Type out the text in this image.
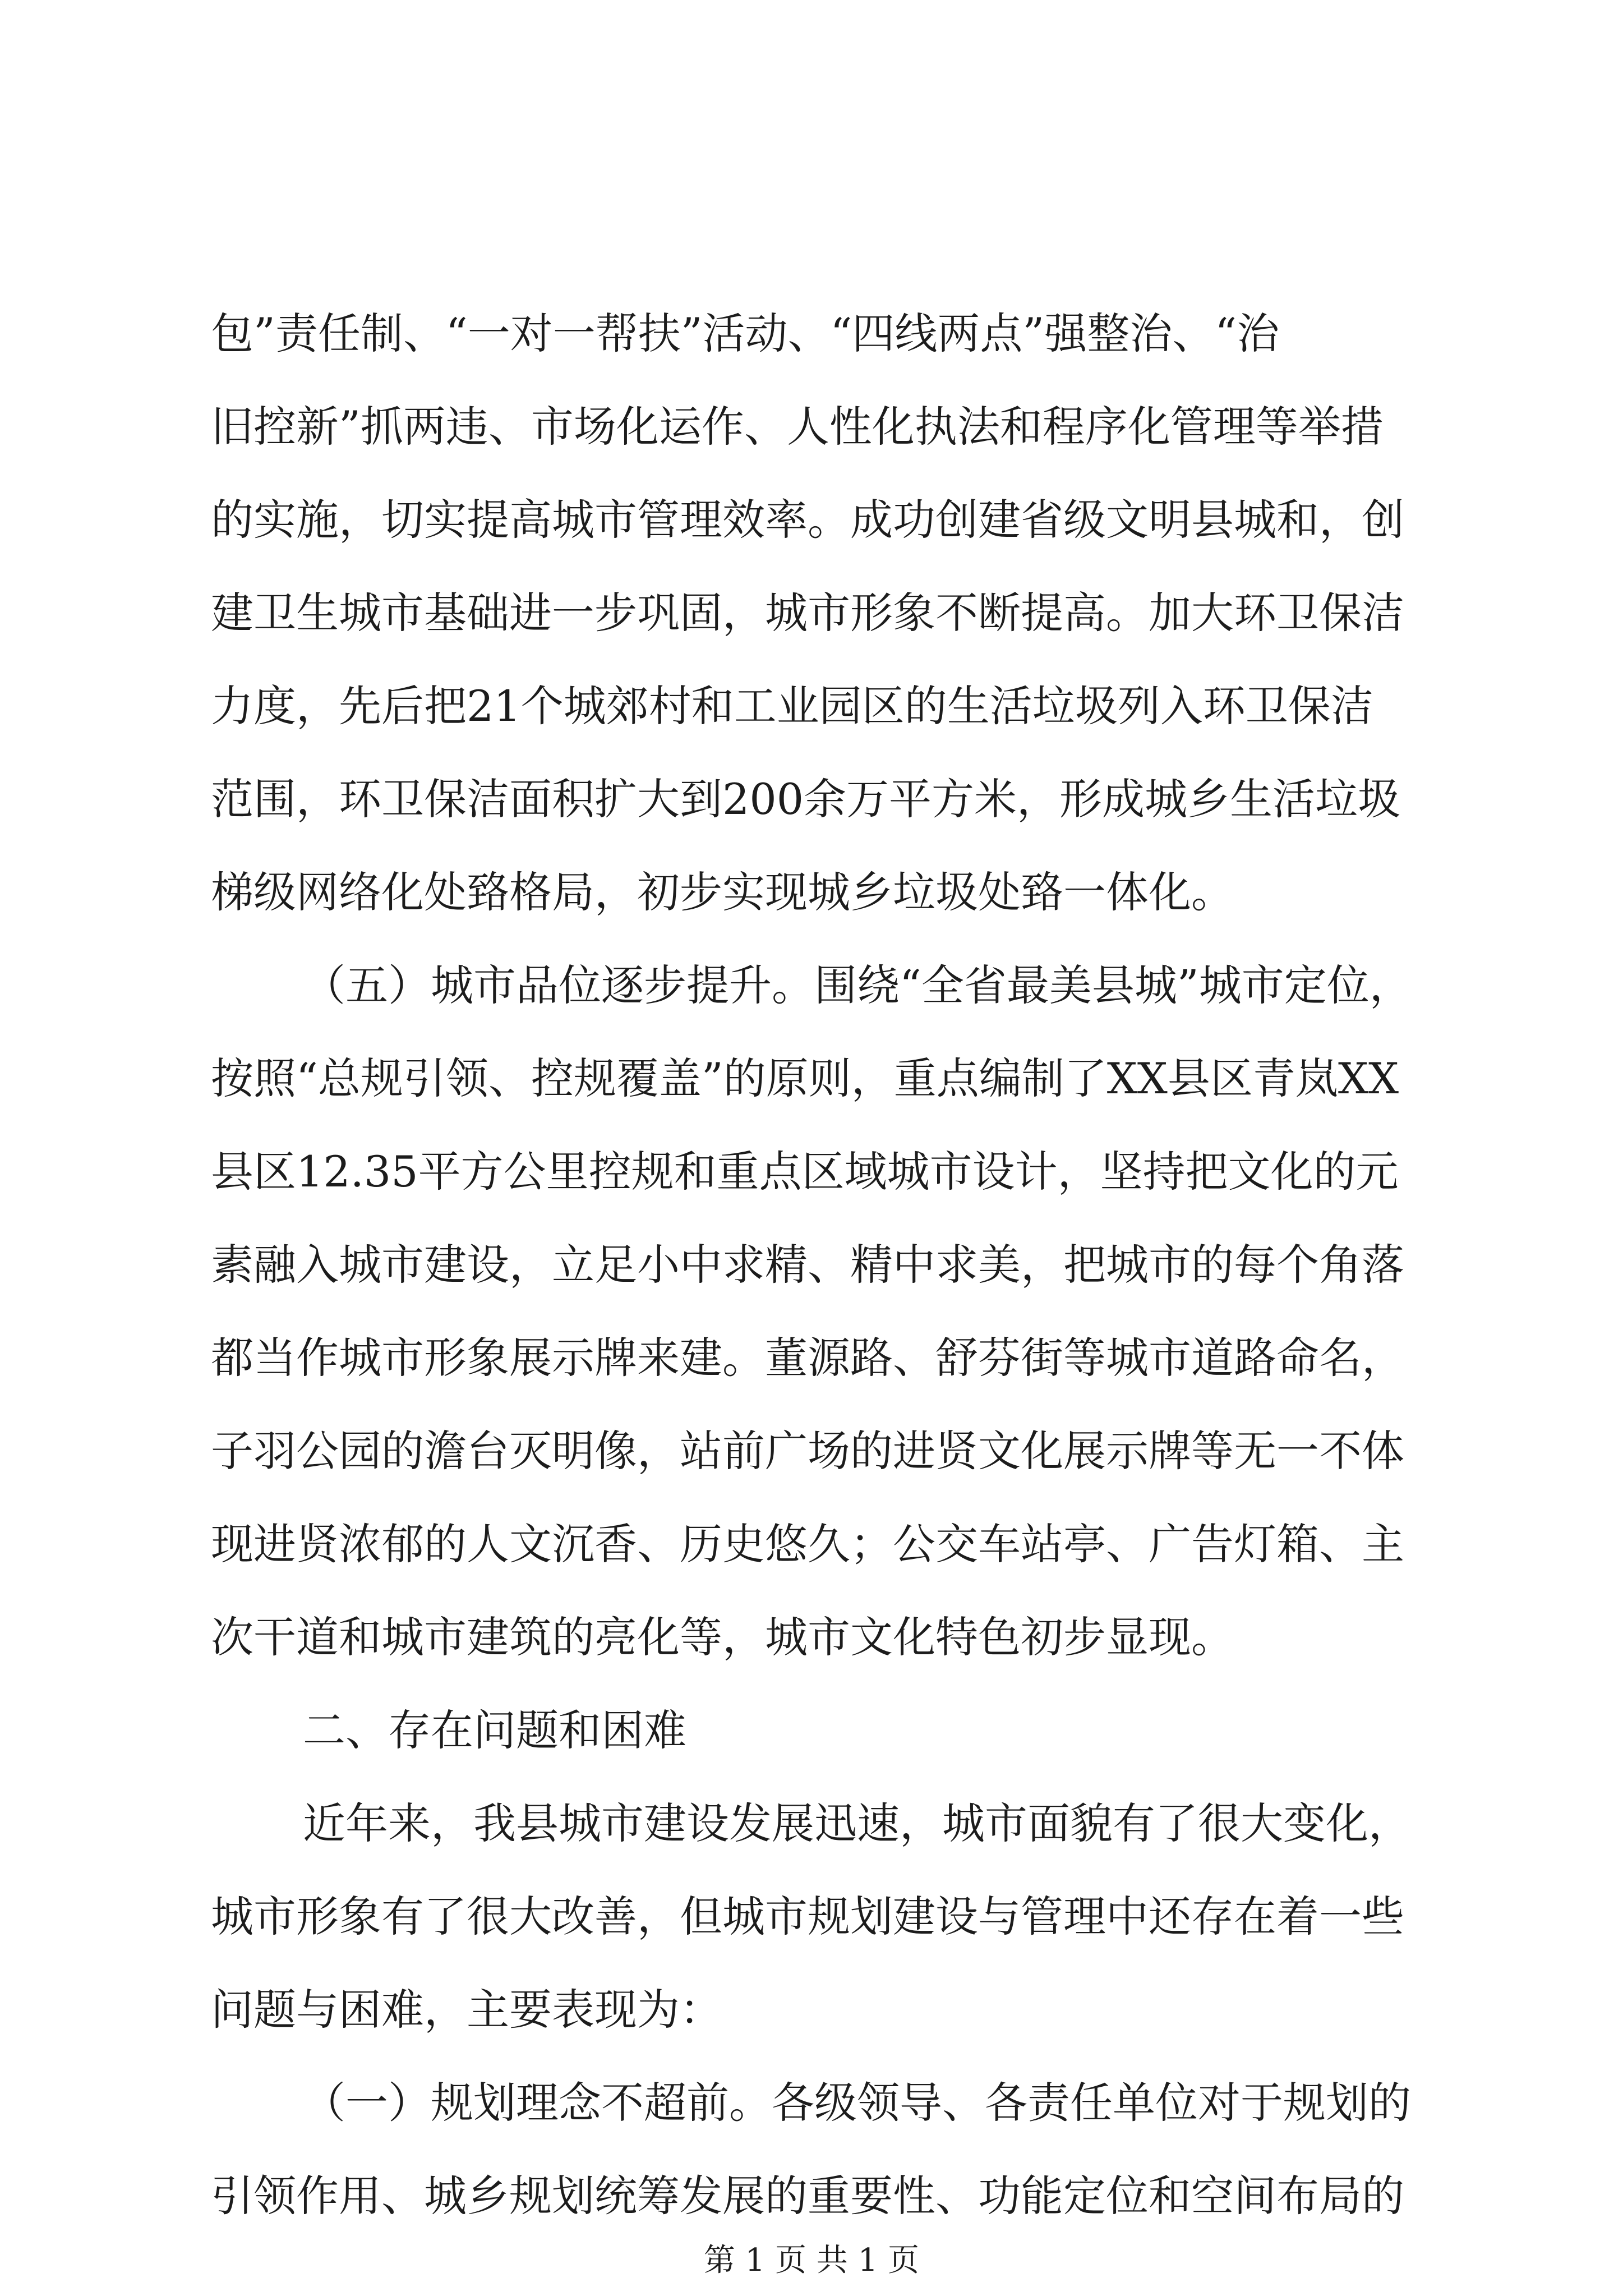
包”责任制、“一对一帮扶”活动、“四线两点”强整治、“治
旧控新”抓两违、市场化运作、人性化执法和程序化管理等举措
的实施，切实提高城市管理效率。成功创建省级文明县城和，创
建卫生城市基础进一步巩固，城市形象不断提高。加大环卫保洁
力度，先后把21个城郊村和工业园区的生活垃圾列入环卫保洁
范围，环卫保洁面积扩大到200余万平方米，形成城乡生活垃圾
梯级网络化处臵格局，初步实现城乡垃圾处臵一体化。
（五）城市品位逐步提升。围绕“全省最美县城”城市定位，
按照“总规引领、控规覆盖”的原则，重点编制了XX县区青岚XX
县区12.35平方公里控规和重点区域城市设计，坚持把文化的元
素融入城市建设，立足小中求精、精中求美，把城市的每个角落
都当作城市形象展示牌来建。董源路、舒芬街等城市道路命名，
子羽公园的澹台灭明像，站前广场的进贤文化展示牌等无一不体
现进贤浓郁的人文沉香、历史悠久；公交车站亭、广告灯箱、主
次干道和城市建筑的亮化等，城市文化特色初步显现。
二、存在问题和困难
近年来，我县城市建设发展迅速，城市面貌有了很大变化，
城市形象有了很大改善，但城市规划建设与管理中还存在着一些
问题与困难，主要表现为：
（一）规划理念不超前。各级领导、各责任单位对于规划的
引领作用、城乡规划统筹发展的重要性、功能定位和空间布局的
第 1 页 共 1 页
